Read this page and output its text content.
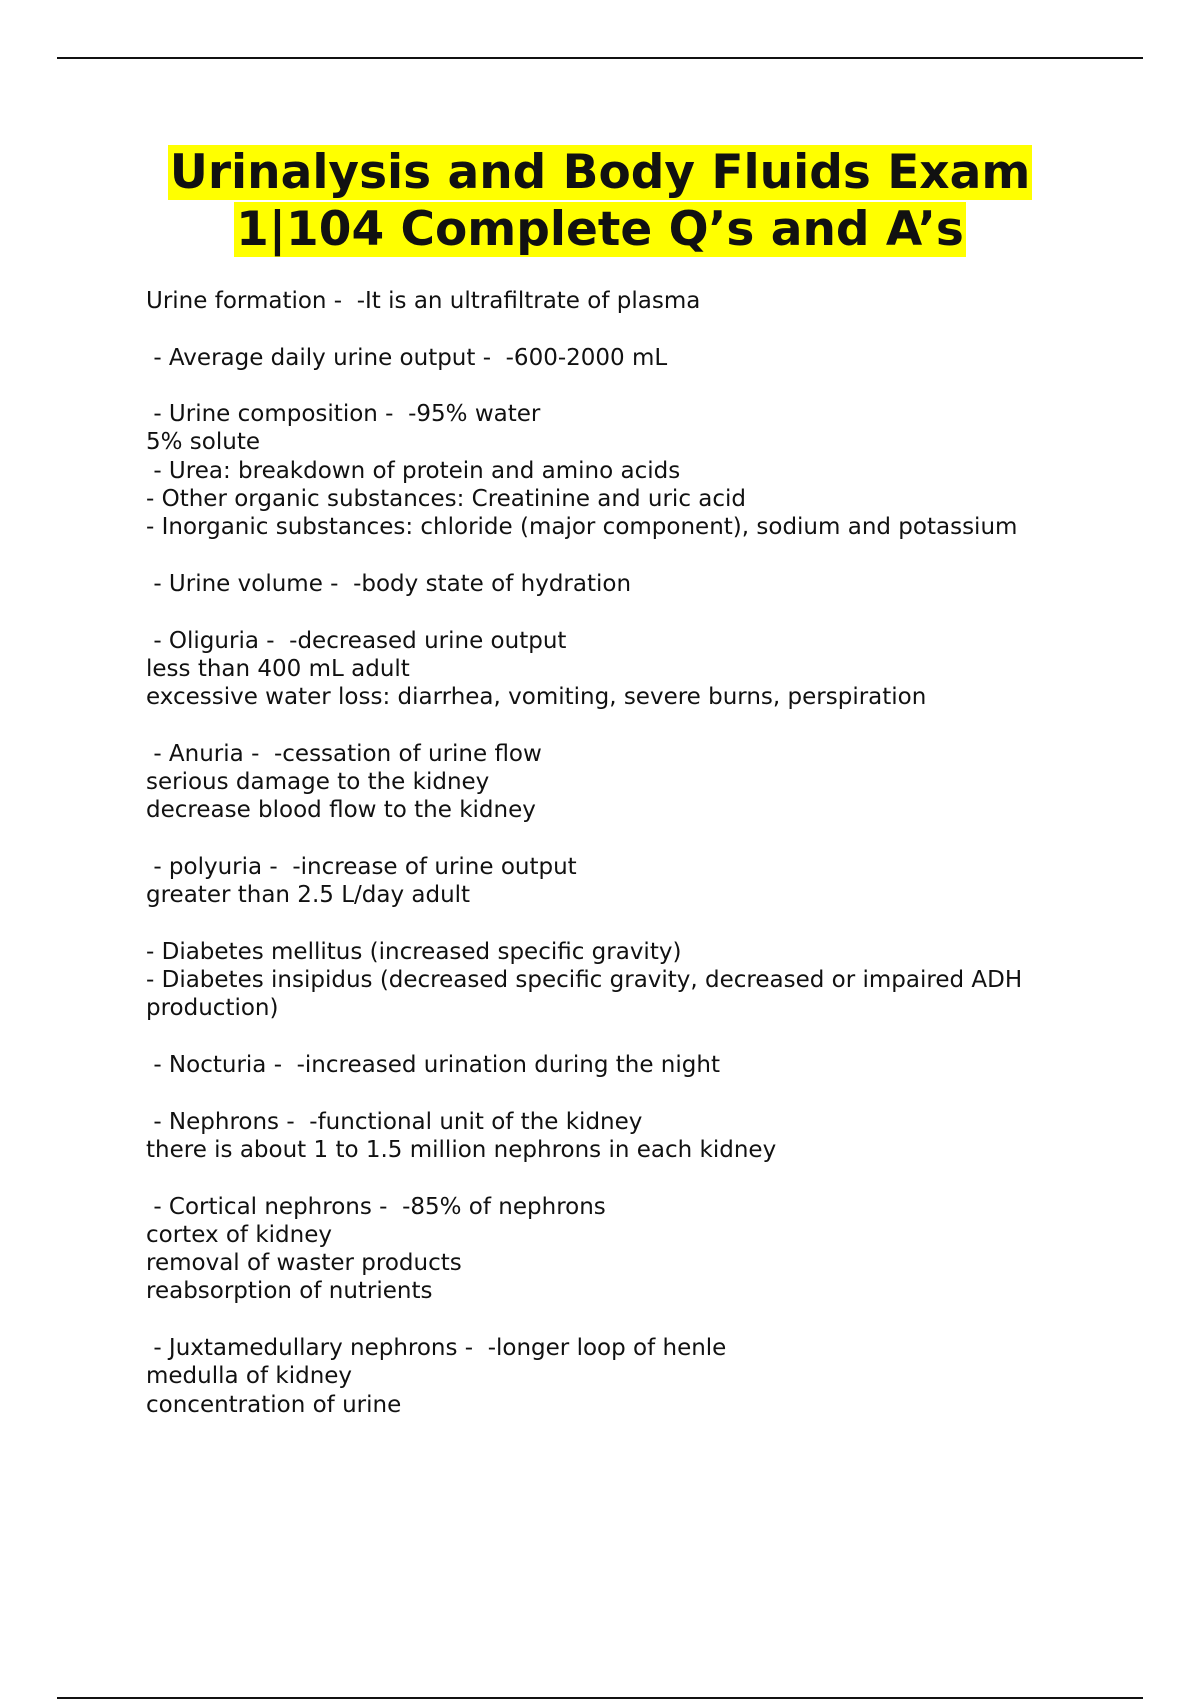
Urinalysis and Body Fluids Exam
1|104 Complete Q’s and A’s
Urine formation -  -It is an ultrafiltrate of plasma
- Average daily urine output -  -600-2000 mL
- Urine composition -  -95% water
5% solute
- Urea: breakdown of protein and amino acids
- Other organic substances: Creatinine and uric acid
- Inorganic substances: chloride (major component), sodium and potassium
- Urine volume -  -body state of hydration
- Oliguria -  -decreased urine output
less than 400 mL adult
excessive water loss: diarrhea, vomiting, severe burns, perspiration
- Anuria -  -cessation of urine flow
serious damage to the kidney
decrease blood flow to the kidney
- polyuria -  -increase of urine output
greater than 2.5 L/day adult
- Diabetes mellitus (increased specific gravity)
- Diabetes insipidus (decreased specific gravity, decreased or impaired ADH
production)
- Nocturia -  -increased urination during the night
- Nephrons -  -functional unit of the kidney
there is about 1 to 1.5 million nephrons in each kidney
- Cortical nephrons -  -85% of nephrons
cortex of kidney
removal of waster products
reabsorption of nutrients
- Juxtamedullary nephrons -  -longer loop of henle
medulla of kidney
concentration of urine
